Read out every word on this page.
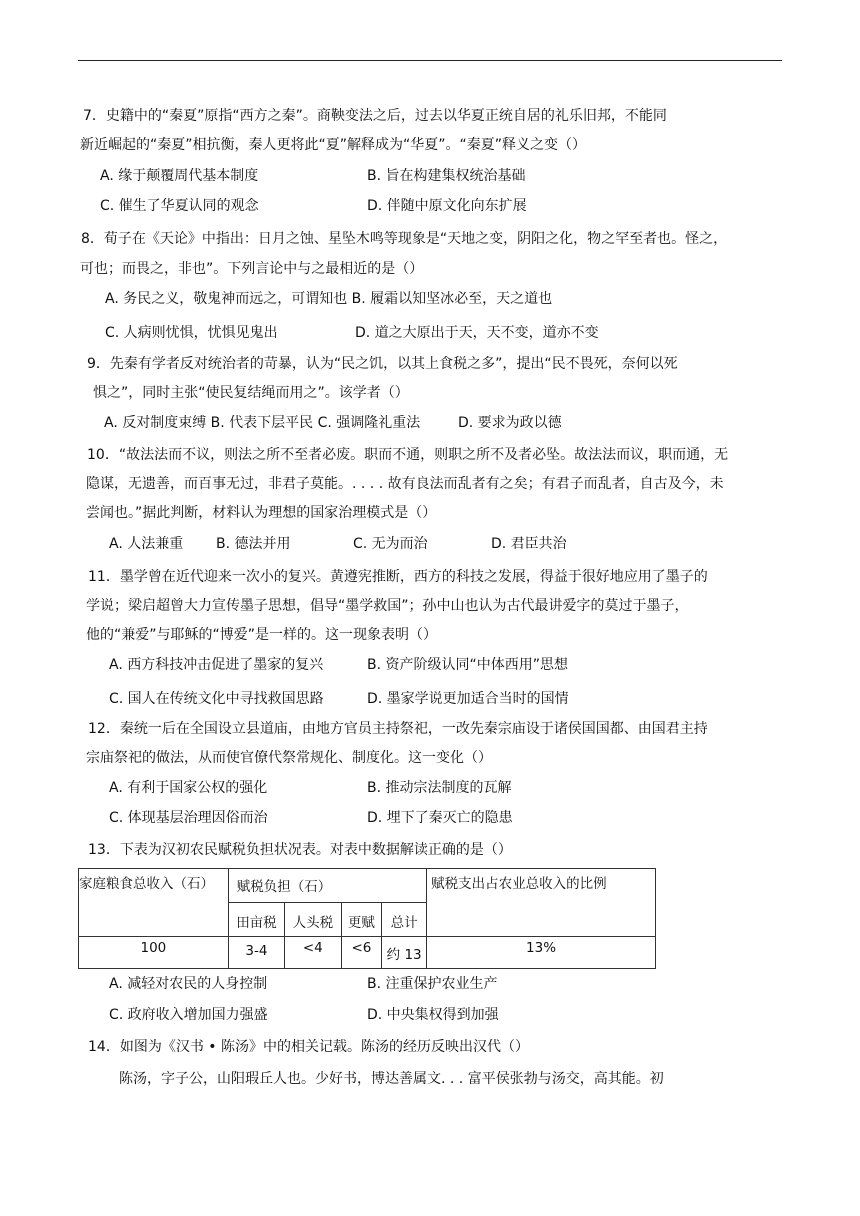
7．史籍中的“秦夏”原指“西方之秦”。商鞅变法之后，过去以华夏正统自居的礼乐旧邦，不能同
新近崛起的“秦夏”相抗衡，秦人更将此“夏”解释成为“华夏”。“秦夏”释义之变（）
A. 缘于颠覆周代基本制度	B. 旨在构建集权统治基础
C. 催生了华夏认同的观念	D. 伴随中原文化向东扩展
8．荀子在《天论》中指出：日月之蚀、星坠木鸣等现象是“天地之变，阴阳之化，物之罕至者也。怪之，
可也；而畏之，非也”。下列言论中与之最相近的是（）
A. 务民之义，敬鬼神而远之，可谓知也 B. 履霜以知坚冰必至，天之道也
C. 人病则忧惧，忧惧见鬼出	D. 道之大原出于天，天不变，道亦不变
9．先秦有学者反对统治者的苛暴，认为“民之饥，以其上食税之多”，提出“民不畏死，奈何以死
惧之”，同时主张“使民复结绳而用之”。该学者（）
A. 反对制度束缚 B. 代表下层平民 C. 强调隆礼重法	D. 要求为政以德
10．“故法法而不议，则法之所不至者必废。职而不通，则职之所不及者必坠。故法法而议，职而通，无
隐谋，无遗善，而百事无过，非君子莫能。. . . . 故有良法而乱者有之矣；有君子而乱者，自古及今，未
尝闻也。”据此判断，材料认为理想的国家治理模式是（）
A. 人法兼重 B. 德法并用	C. 无为而治	D. 君臣共治
11．墨学曾在近代迎来一次小的复兴。黄遵宪推断，西方的科技之发展，得益于很好地应用了墨子的
学说；梁启超曾大力宣传墨子思想，倡导“墨学救国”；孙中山也认为古代最讲爱字的莫过于墨子，
他的“兼爱”与耶稣的“博爱”是一样的。这一现象表明（）
A. 西方科技冲击促进了墨家的复兴	B. 资产阶级认同“中体西用”思想
C. 国人在传统文化中寻找救国思路	D. 墨家学说更加适合当时的国情
12．秦统一后在全国设立县道庙，由地方官员主持祭祀，一改先秦宗庙设于诸侯国国都、由国君主持
宗庙祭祀的做法，从而使官僚代祭常规化、制度化。这一变化（）
A. 有利于国家公权的强化	B. 推动宗法制度的瓦解
C. 体现基层治理因俗而治	D. 埋下了秦灭亡的隐患
13．下表为汉初农民赋税负担状况表。对表中数据解读正确的是（）
家庭粮食总收入（石）	赋税负担（石）				赋税支出占农业总收入的比例

	田亩税	人头税	更赋	总计	

100	3-4	<4	<6	约 13	13%
A. 减轻对农民的人身控制	B. 注重保护农业生产
C. 政府收入增加国力强盛	D. 中央集权得到加强
14．如图为《汉书 • 陈汤》中的相关记载。陈汤的经历反映出汉代（）
陈汤，字子公，山阳瑕丘人也。少好书，博达善属文. . . 富平侯张勃与汤交，高其能。初
